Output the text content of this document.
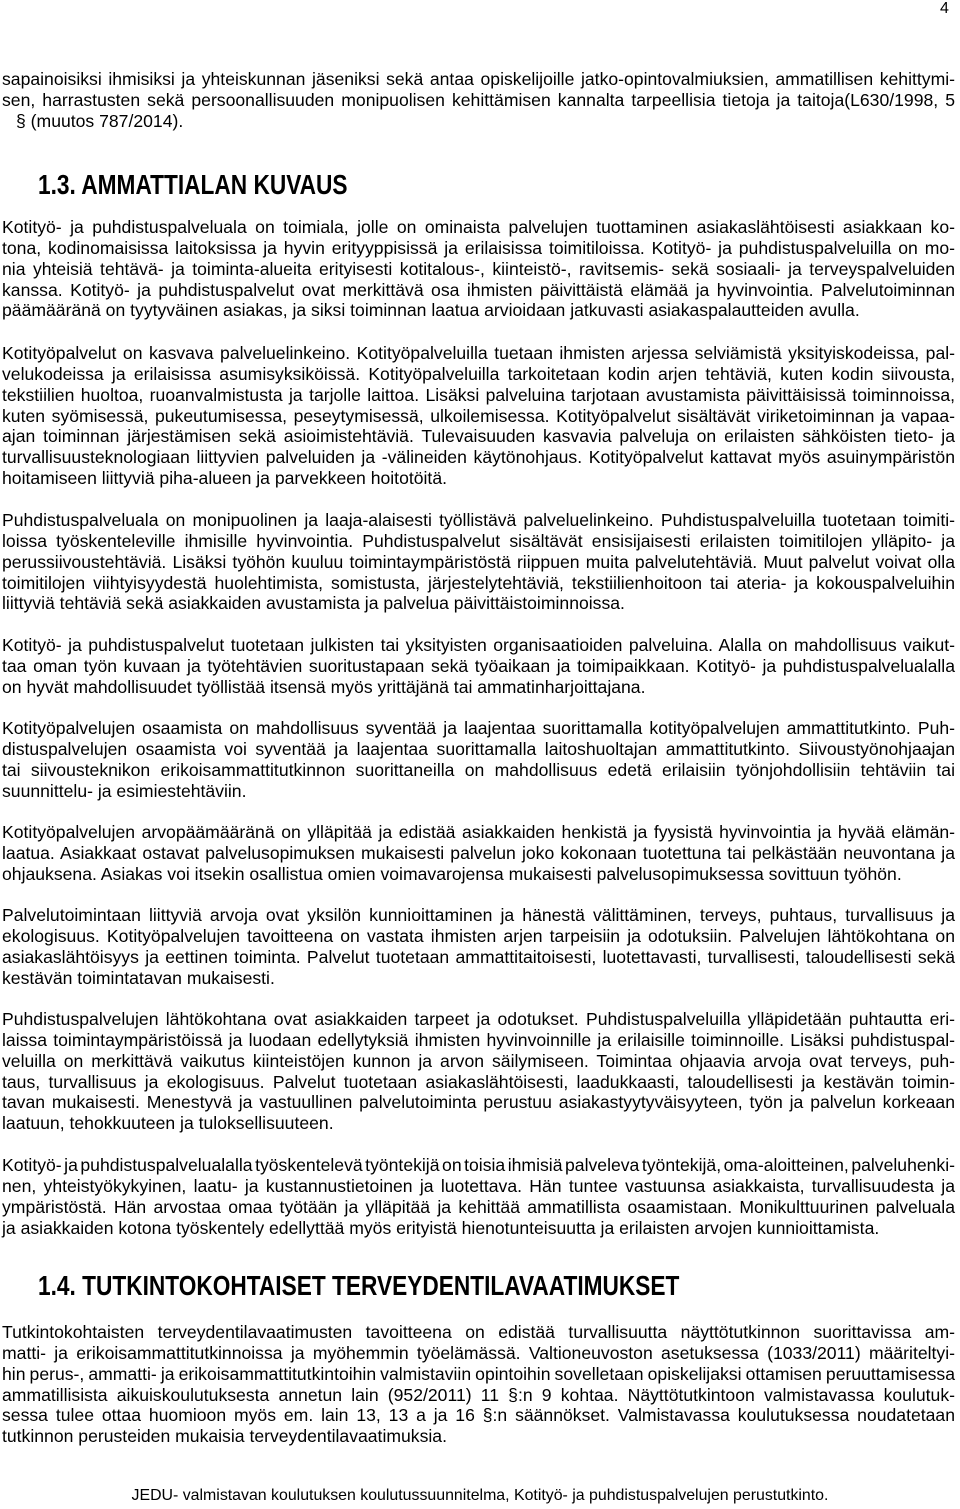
4
sapainoisiksi ihmisiksi ja yhteiskunnan jäseniksi sekä antaa opiskelijoille jatko-opintovalmiuksien, ammatillisen kehittymi-
sen, harrastusten sekä persoonallisuuden monipuolisen kehittämisen kannalta tarpeellisia tietoja ja taitoja(L630/1998, 5
§ (muutos 787/2014).
1.3. AMMATTIALAN KUVAUS
Kotityö- ja puhdistuspalveluala on toimiala, jolle on ominaista palvelujen tuottaminen asiakaslähtöisesti asiakkaan ko-
tona, kodinomaisissa laitoksissa ja hyvin erityyppisissä ja erilaisissa toimitiloissa. Kotityö- ja puhdistuspalveluilla on mo-
nia yhteisiä tehtävä- ja toiminta-alueita erityisesti kotitalous-, kiinteistö-, ravitsemis- sekä sosiaali- ja terveyspalveluiden
kanssa. Kotityö- ja puhdistuspalvelut ovat merkittävä osa ihmisten päivittäistä elämää ja hyvinvointia. Palvelutoiminnan
päämääränä on tyytyväinen asiakas, ja siksi toiminnan laatua arvioidaan jatkuvasti asiakaspalautteiden avulla.
Kotityöpalvelut on kasvava palveluelinkeino. Kotityöpalveluilla tuetaan ihmisten arjessa selviämistä yksityiskodeissa, pal-
velukodeissa ja erilaisissa asumisyksiköissä. Kotityöpalveluilla tarkoitetaan kodin arjen tehtäviä, kuten kodin siivousta,
tekstiilien huoltoa, ruoanvalmistusta ja tarjolle laittoa. Lisäksi palveluina tarjotaan avustamista päivittäisissä toiminnoissa,
kuten syömisessä, pukeutumisessa, peseytymisessä, ulkoilemisessa. Kotityöpalvelut sisältävät viriketoiminnan ja vapaa-
ajan toiminnan järjestämisen sekä asioimistehtäviä. Tulevaisuuden kasvavia palveluja on erilaisten sähköisten tieto- ja
turvallisuusteknologiaan liittyvien palveluiden ja -välineiden käytönohjaus. Kotityöpalvelut kattavat myös asuinympäristön
hoitamiseen liittyviä piha-alueen ja parvekkeen hoitotöitä.
Puhdistuspalveluala on monipuolinen ja laaja-alaisesti työllistävä palveluelinkeino. Puhdistuspalveluilla tuotetaan toimiti-
loissa työskenteleville ihmisille hyvinvointia. Puhdistuspalvelut sisältävät ensisijaisesti erilaisten toimitilojen ylläpito- ja
perussiivoustehtäviä. Lisäksi työhön kuuluu toimintaympäristöstä riippuen muita palvelutehtäviä. Muut palvelut voivat olla
toimitilojen viihtyisyydestä huolehtimista, somistusta, järjestelytehtäviä, tekstiilienhoitoon tai ateria- ja kokouspalveluihin
liittyviä tehtäviä sekä asiakkaiden avustamista ja palvelua päivittäistoiminnoissa.
Kotityö- ja puhdistuspalvelut tuotetaan julkisten tai yksityisten organisaatioiden palveluina. Alalla on mahdollisuus vaikut-
taa oman työn kuvaan ja työtehtävien suoritustapaan sekä työaikaan ja toimipaikkaan. Kotityö- ja puhdistuspalvelualalla
on hyvät mahdollisuudet työllistää itsensä myös yrittäjänä tai ammatinharjoittajana.
Kotityöpalvelujen osaamista on mahdollisuus syventää ja laajentaa suorittamalla kotityöpalvelujen ammattitutkinto. Puh-
distuspalvelujen osaamista voi syventää ja laajentaa suorittamalla laitoshuoltajan ammattitutkinto. Siivoustyönohjaajan
tai siivousteknikon erikoisammattitutkinnon suorittaneilla on mahdollisuus edetä erilaisiin työnjohdollisiin tehtäviin tai
suunnittelu- ja esimiestehtäviin.
Kotityöpalvelujen arvopäämääränä on ylläpitää ja edistää asiakkaiden henkistä ja fyysistä hyvinvointia ja hyvää elämän-
laatua. Asiakkaat ostavat palvelusopimuksen mukaisesti palvelun joko kokonaan tuotettuna tai pelkästään neuvontana ja
ohjauksena. Asiakas voi itsekin osallistua omien voimavarojensa mukaisesti palvelusopimuksessa sovittuun työhön.
Palvelutoimintaan liittyviä arvoja ovat yksilön kunnioittaminen ja hänestä välittäminen, terveys, puhtaus, turvallisuus ja
ekologisuus. Kotityöpalvelujen tavoitteena on vastata ihmisten arjen tarpeisiin ja odotuksiin. Palvelujen lähtökohtana on
asiakaslähtöisyys ja eettinen toiminta. Palvelut tuotetaan ammattitaitoisesti, luotettavasti, turvallisesti, taloudellisesti sekä
kestävän toimintatavan mukaisesti.
Puhdistuspalvelujen lähtökohtana ovat asiakkaiden tarpeet ja odotukset. Puhdistuspalveluilla ylläpidetään puhtautta eri-
laissa toimintaympäristöissä ja luodaan edellytyksiä ihmisten hyvinvoinnille ja erilaisille toiminnoille. Lisäksi puhdistuspal-
veluilla on merkittävä vaikutus kiinteistöjen kunnon ja arvon säilymiseen. Toimintaa ohjaavia arvoja ovat terveys, puh-
taus, turvallisuus ja ekologisuus. Palvelut tuotetaan asiakaslähtöisesti, laadukkaasti, taloudellisesti ja kestävän toimin-
tavan mukaisesti. Menestyvä ja vastuullinen palvelutoiminta perustuu asiakastyytyväisyyteen, työn ja palvelun korkeaan
laatuun, tehokkuuteen ja tuloksellisuuteen.
Kotityö- ja puhdistuspalvelualalla työskentelevä työntekijä on toisia ihmisiä palveleva työntekijä, oma-aloitteinen, palveluhenki-
nen, yhteistyökykyinen, laatu- ja kustannustietoinen ja luotettava. Hän tuntee vastuunsa asiakkaista, turvallisuudesta ja
ympäristöstä. Hän arvostaa omaa työtään ja ylläpitää ja kehittää ammatillista osaamistaan. Monikulttuurinen palveluala
ja asiakkaiden kotona työskentely edellyttää myös erityistä hienotunteisuutta ja erilaisten arvojen kunnioittamista.
1.4. TUTKINTOKOHTAISET TERVEYDENTILAVAATIMUKSET
Tutkintokohtaisten terveydentilavaatimusten tavoitteena on edistää turvallisuutta näyttötutkinnon suorittavissa am-
matti- ja erikoisammattitutkinnoissa ja myöhemmin työelämässä. Valtioneuvoston asetuksessa (1033/2011) määriteltyi-
hin perus-, ammatti- ja erikoisammattitutkintoihin valmistaviin opintoihin sovelletaan opiskelijaksi ottamisen peruuttamisessa
ammatillisista aikuiskoulutuksesta annetun lain (952/2011) 11 §:n 9 kohtaa. Näyttötutkintoon valmistavassa koulutuk-
sessa tulee ottaa huomioon myös em. lain 13, 13 a ja 16 §:n säännökset. Valmistavassa koulutuksessa noudatetaan
tutkinnon perusteiden mukaisia terveydentilavaatimuksia.
JEDU- valmistavan koulutuksen koulutussuunnitelma, Kotityö- ja puhdistuspalvelujen perustutkinto.
